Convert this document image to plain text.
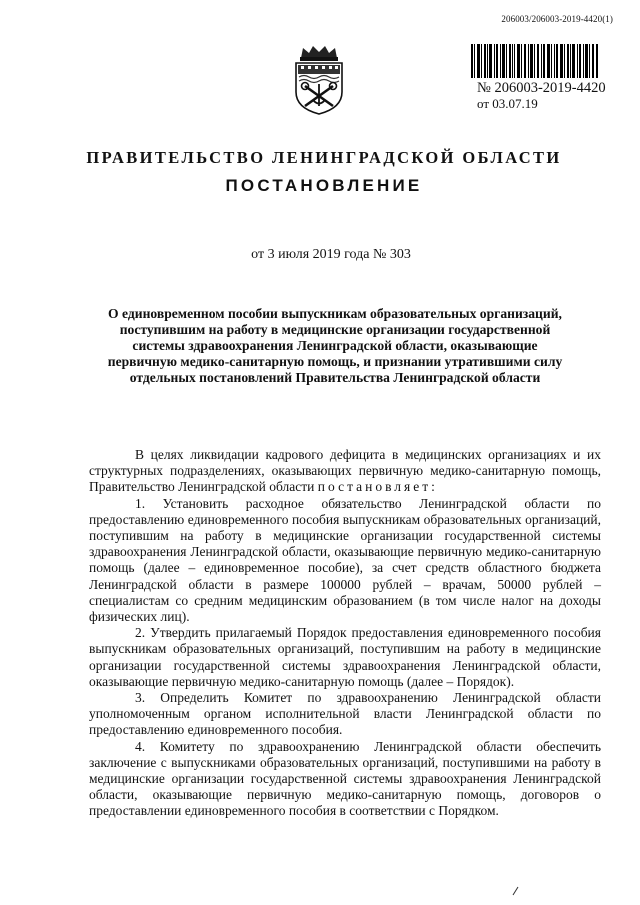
206003/206003-2019-4420(1)
№ 206003-2019-4420
от 03.07.19
ПРАВИТЕЛЬСТВО ЛЕНИНГРАДСКОЙ ОБЛАСТИ
ПОСТАНОВЛЕНИЕ
от 3 июля 2019 года № 303
О единовременном пособии выпускникам образовательных организаций, поступившим на работу в медицинские организации государственной системы здравоохранения Ленинградской области, оказывающие первичную медико-санитарную помощь, и признании утратившими силу отдельных постановлений Правительства Ленинградской области

В целях ликвидации кадрового дефицита в медицинских организациях и их структурных подразделениях, оказывающих первичную медико-санитарную помощь, Правительство Ленинградской области постановляет:

1. Установить расходное обязательство Ленинградской области по предоставлению единовременного пособия выпускникам образовательных организаций, поступившим на работу в медицинские организации государственной системы здравоохранения Ленинградской области, оказывающие первичную медико-санитарную помощь (далее – единовременное пособие), за счет средств областного бюджета Ленинградской области в размере 100000 рублей – врачам, 50000 рублей – специалистам со средним медицинским образованием (в том числе налог на доходы физических лиц).

2. Утвердить прилагаемый Порядок предоставления единовременного пособия выпускникам образовательных организаций, поступившим на работу в медицинские организации государственной системы здравоохранения Ленинградской области, оказывающие первичную медико-санитарную помощь (далее – Порядок).

3. Определить Комитет по здравоохранению Ленинградской области уполномоченным органом исполнительной власти Ленинградской области по предоставлению единовременного пособия.

4. Комитету по здравоохранению Ленинградской области обеспечить заключение с выпускниками образовательных организаций, поступившими на работу в медицинские организации государственной системы здравоохранения Ленинградской области, оказывающие первичную медико-санитарную помощь, договоров о предоставлении единовременного пособия в соответствии с Порядком.
